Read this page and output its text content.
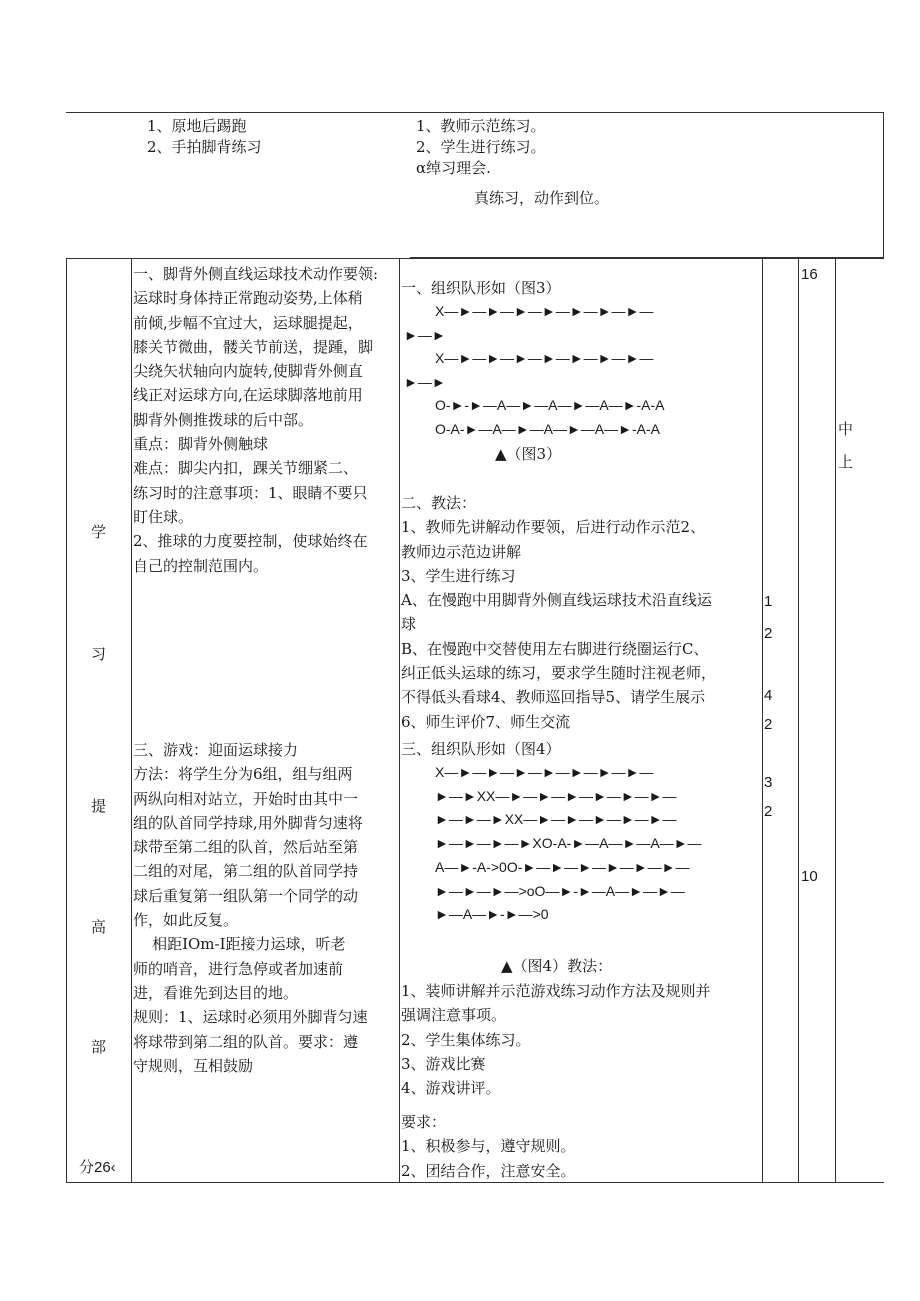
1、原地后踢跑
2、手拍脚背练习
1、教师示范练习。
2、学生进行练习。
α绰习理会.
真练习，动作到位。
学
习
提
高
部
分26‹
一、脚背外侧直线运球技术动作要领:
运球时身体持正常跑动姿势,上体稍
前倾,步幅不宜过大，运球腿提起，
膝关节微曲，髅关节前送，提踵，脚
尖绕矢状轴向内旋转,使脚背外侧直
线正对运球方向,在运球脚落地前用
脚背外侧推拨球的后中部。
重点：脚背外侧触球
难点：脚尖内扣，踝关节绷紧二、
练习时的注意事项：1、眼睛不要只
盯住球。
2、推球的力度要控制，使球始终在
自己的控制范围内。
三、游戏：迎面运球接力
方法：将学生分为6组，组与组两
两纵向相对站立，开始时由其中一
组的队首同学持球,用外脚背匀速将
球带至第二组的队首，然后站至第
二组的对尾，第二组的队首同学持
球后重复第一组队第一个同学的动
作，如此反复。
相距IOm-I距接力运球，听老
师的哨音，进行急停或者加速前
进，看谁先到达目的地。
规则：1、运球时必须用外脚背匀速
将球带到第二组的队首。要求：遵
守规则，互相鼓励
一、组织队形如（图3）
X—►—►—►—►—►—►—►—
►—►
X—►—►—►—►—►—►—►—
►—►
O-►-►—A—►—A—►—A—►-A-A
O-A-►—A—►—A—►—A—►-A-A
▲（图3）
二、教法：
1、教师先讲解动作要领，后进行动作示范2、
教师边示范边讲解
3、学生进行练习
A、在慢跑中用脚背外侧直线运球技术沿直线运
球
B、在慢跑中交替使用左右脚进行绕圈运行C、
纠正低头运球的练习，要求学生随时注视老师，
不得低头看球4、教师巡回指导5、请学生展示
6、师生评价7、师生交流
三、组织队形如（图4）
X—►—►—►—►—►—►—►—
►—►XX—►—►—►—►—►—►—
►—►—►XX—►—►—►—►—►—
►—►—►—►XO-A-►—A—►—A—►—
A—►-A->0O-►—►—►—►—►—►—
►—►—►—>oO—►-►—A—►—►—
►—A—►-►—>0
▲（图4）教法：
1、装师讲解并示范游戏练习动作方法及规则并
强调注意事项。
2、学生集体练习。
3、游戏比赛
4、游戏讲评。
要求：
1、积极参与，遵守规则。
2、团结合作，注意安全。
1
2
4
2
3
2
16
10
中
上
